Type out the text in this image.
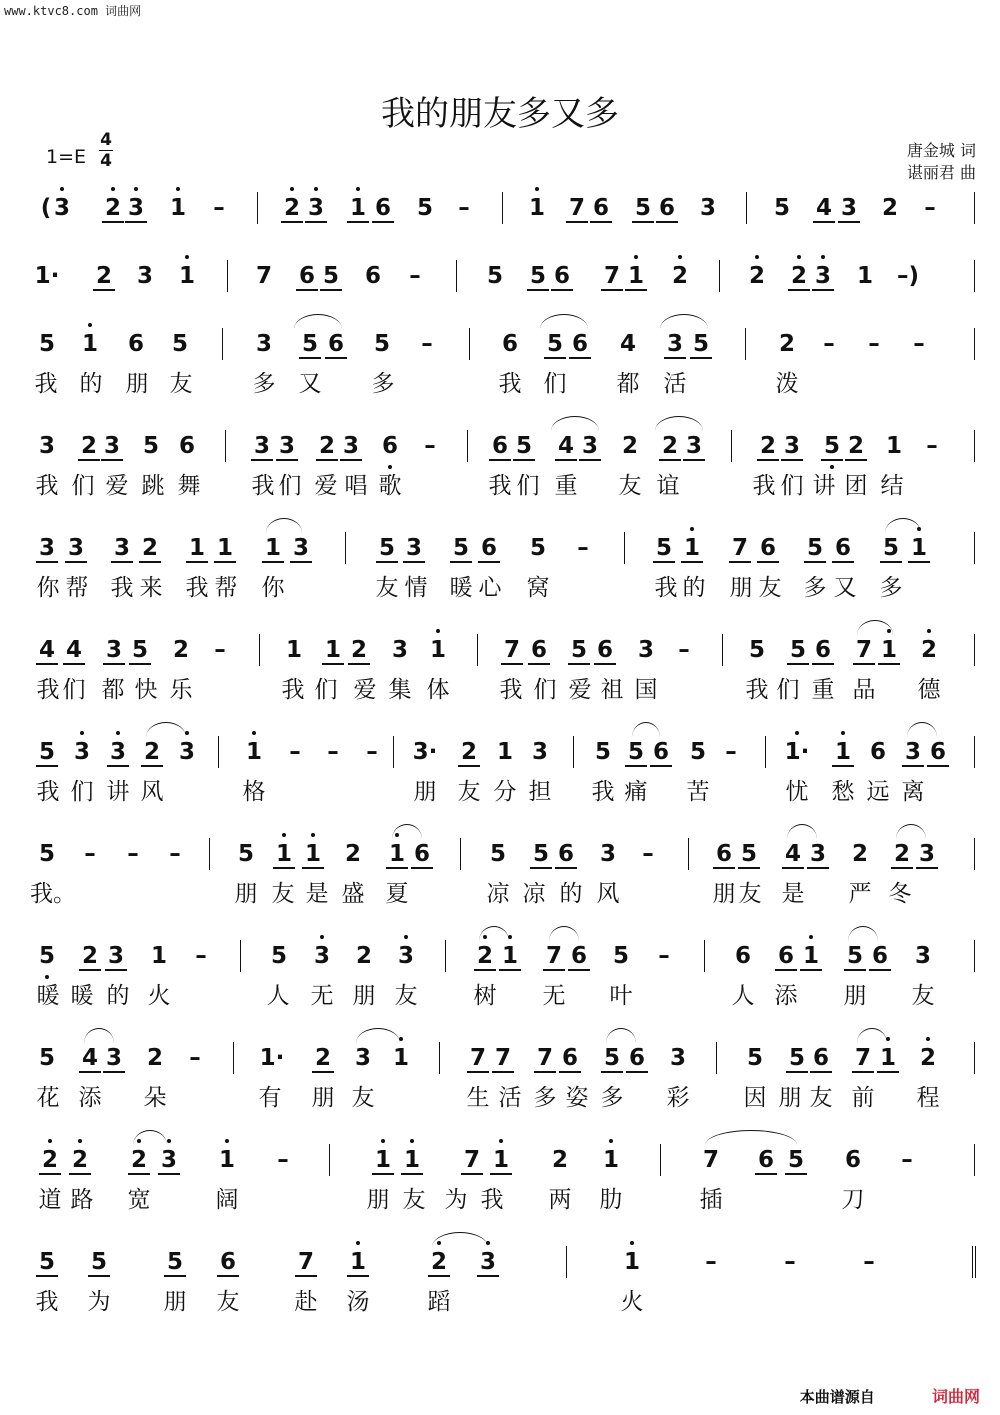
www.ktvc8.com 词曲网
我的朋友多又多
1=E
4
4
唐金城 词
谌丽君 曲
( 3	2 3	1	–	2 3	1 6	5	–	1	7 6	5 6	3	5	4 3	2	–
1·	2	3	1	7	6 5	6	–	5	5 6	7 1	2	2	2 3	1	–)
5	1	6	5	3	5 6	5	–	6	5 6	4	3 5	2	–	–	–
我 的 朋 友	多 又 多	我 们 都 活	泼
3	2 3 5 6	3 3	2 3 6	–	6 5	4 3	2	2 3	2 3	5 2 1	–
我 们 爱 跳 舞 我 们 爱 唱 歌	我 们 重 友 谊	我 们 讲 团 结
3 3	3 2	1 1	1 3	5 3	5 6	5	–	5 1	7 6	5 6	5 1
你 帮 我 来 我 帮 你	友 情 暖 心 窝	我 的 朋 友 多 又 多
4 4	3 5	2	–	1 1 2	3 1	7 6	5 6	3	–	5	5 6	7 1	2
我 们 都 快 乐	我 们 爱 集 体 我 们 爱 祖 国	我 们 重 品 德
5 3 3 2 3	1	–	–	–	3·	2 1 3	5 5 6 5 –	1·	1 6 3 6
我 们 讲 风	格	朋 友 分 担 我 痛 苦	忧 愁 远 离
5	–	–	–	5 1 1	2	1 6	5	5 6	3	–	6 5	4 3	2	2 3
我。	朋 友 是 盛 夏	凉 凉 的 风	朋 友 是 严 冬
5	2 3	1	–	5	3	2	3	2 1	7 6	5	–	6	6 1	5 6	3
暖 暖 的 火	人 无 朋 友 树 无 叶	人 添 朋 友
5	4 3	2	–	1·	2	3 1	7 7	7 6	5 6	3	5	5 6	7 1	2
花 添 朵	有 朋 友	生 活 多 姿 多 彩 因 朋 友 前 程
2 2	2 3	1	–	1 1	7 1	2	1	7	6 5	6	–
道 路 宽	阔	朋 友 为 我 两 肋	插	刀
5	5	5	6	7	1	2	3	1	–	–	–
我 为 朋 友 赴 汤	蹈	火
本曲谱源自	词曲网
